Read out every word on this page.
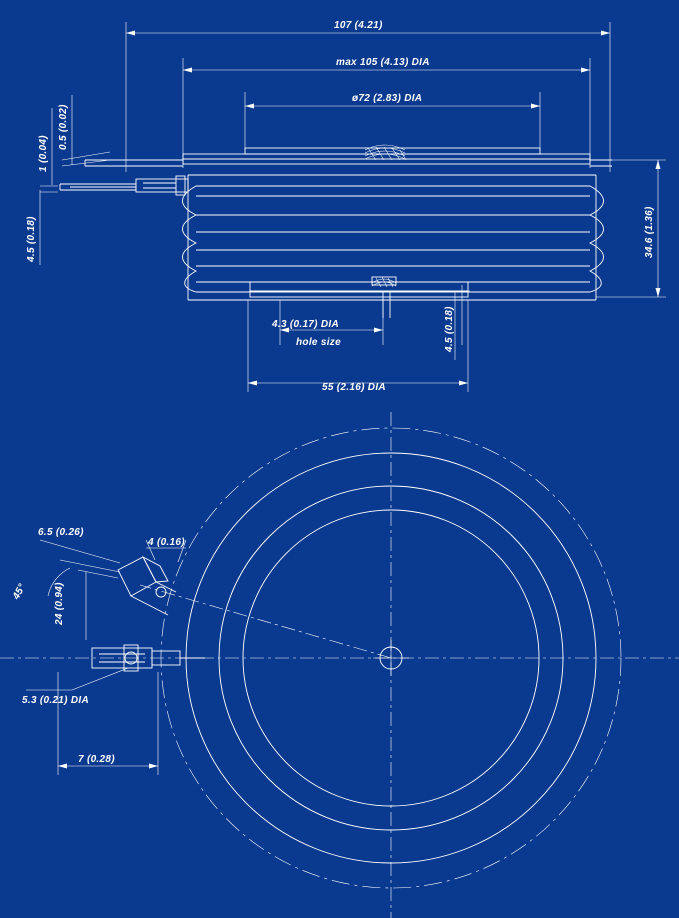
107 (4.21)
max 105 (4.13) DIA
ø72 (2.83) DIA
1 (0.04)
0.5 (0.02)
4.5 (0.18)	34.6 (1.36)
4.3 (0.17) DIA
hole size	4.5 (0.18)
55 (2.16) DIA
6.5 (0.26)
4 (0.16)
45°	24 (0.94)
5.3 (0.21) DIA
7 (0.28)
